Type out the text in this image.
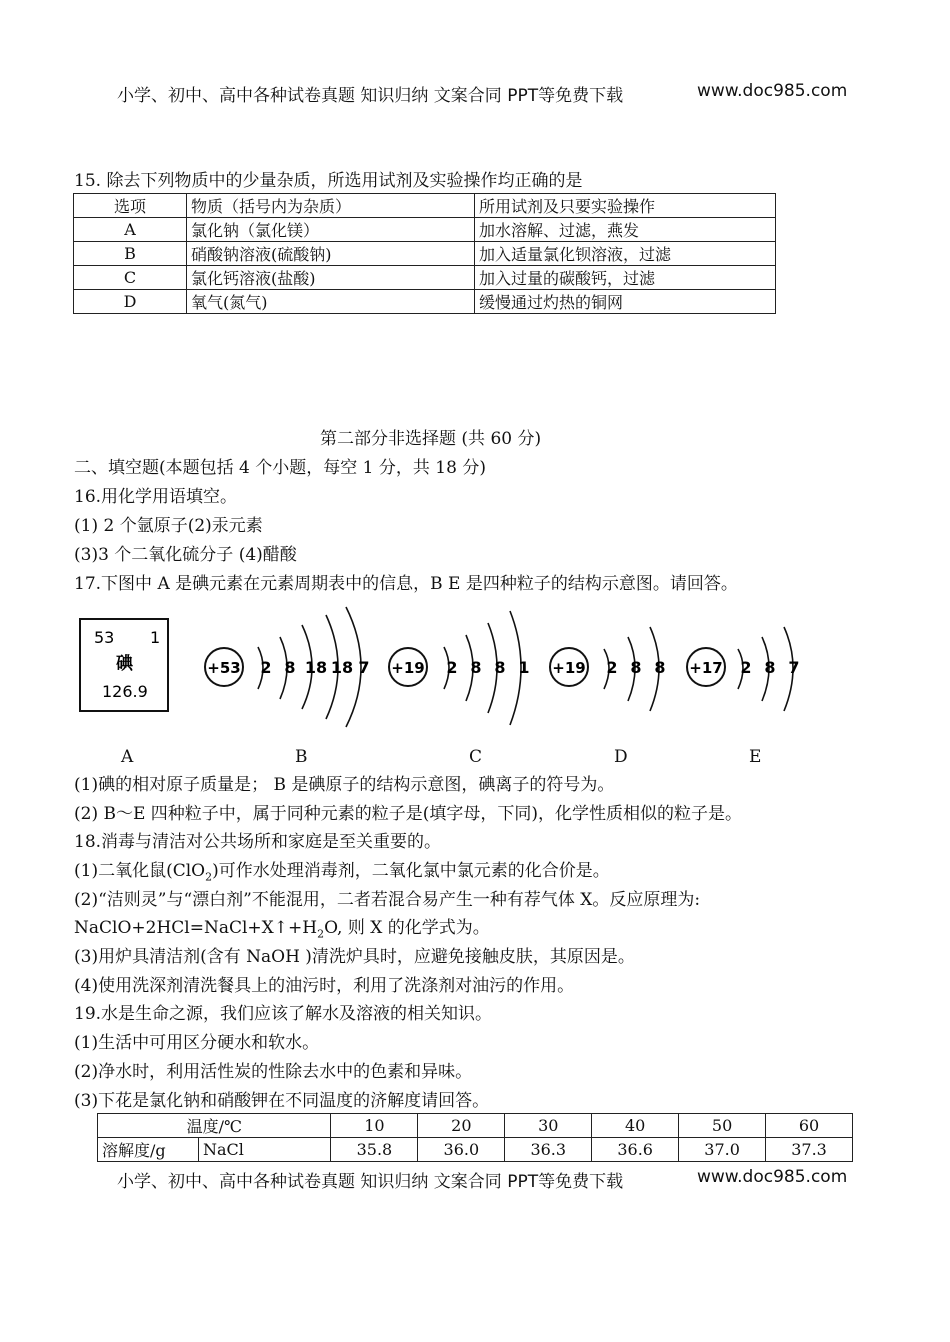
小学、初中、高中各种试卷真题 知识归纳 文案合同 PPT等免费下载	www.doc985.com
15. 除去下列物质中的少量杂质，所选用试剂及实验操作均正确的是
选项	物质（括号内为杂质）	所用试剂及只要实验操作
A	氯化钠（氯化镁）	加水溶解、过滤，燕发
B	硝酸钠溶液(硫酸钠)	加入适量氯化钡溶液，过滤
C	氯化钙溶液(盐酸)	加入过量的碳酸钙，过滤
D	氧气(氮气)	缓慢通过灼热的铜网
第二部分非选择题 (共 60 分)
二、填空题(本题包括 4 个小题，每空 1 分，共 18 分)
16.用化学用语填空。
(1) 2 个氩原子(2)汞元素
(3)3 个二氧化硫分子 (4)醋酸
17.下图中 A 是碘元素在元素周期表中的信息，B E 是四种粒子的结构示意图。请回答。
53 1
碘
126.9
+53 2 8 18 18 7 +19 2 8 8 1 +19 2 8 8 +17 2 8 7
A	B	C	D	E
(1)碘的相对原子质量是； B 是碘原子的结构示意图，碘离子的符号为。
(2) B～E 四种粒子中，属于同种元素的粒子是(填字母，下同)，化学性质相似的粒子是。
18.消毒与清洁对公共场所和家庭是至关重要的。
(1)二氧化鼠(ClO$_2$)可作水处理消毒剂，二氧化氯中氯元素的化合价是。
(2)“洁则灵”与“漂白剂”不能混用，二者若混合易产生一种有荐气体 X。反应原理为:
$NaClO+2HCl=NaCl+X↑+H_2O$, 则 X 的化学式为。
(3)用炉具清洁剂(含有 NaOH )清洗炉具时，应避免接触皮肤，其原因是。
(4)使用洗深剂清洗餐具上的油污时，利用了洗涤剂对油污的作用。
19.水是生命之源，我们应该了解水及溶液的相关知识。
(1)生活中可用区分硬水和软水。
(2)净水时，利用活性炭的性除去水中的色素和异味。
(3)下花是氯化钠和硝酸钾在不同温度的济解度请回答。
温度/℃		10	20	30	40	50	60
溶解度/g	NaCl	35.8	36.0	36.3	36.6	37.0	37.3
小学、初中、高中各种试卷真题 知识归纳 文案合同 PPT等免费下载	www.doc985.com
